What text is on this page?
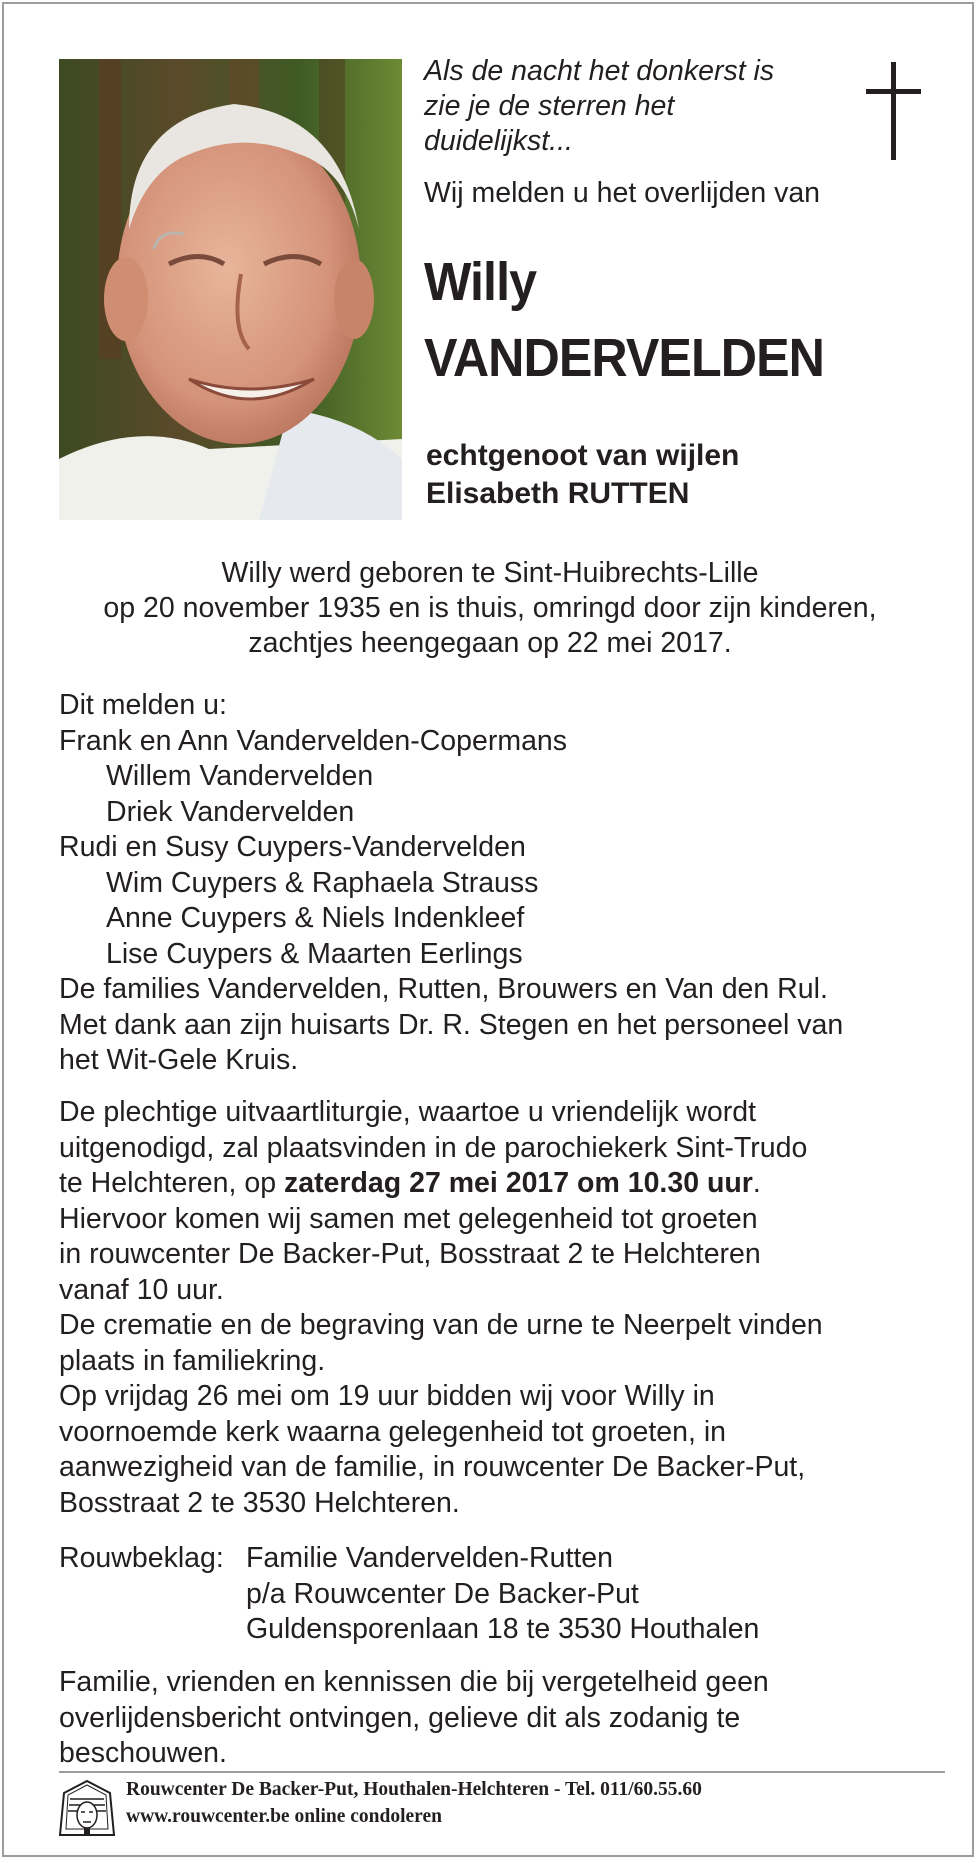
Als de nacht het donkerst is
zie je de sterren het
duidelijkst...
Wij melden u het overlijden van
Willy
VANDERVELDEN
echtgenoot van wijlen
Elisabeth RUTTEN
Willy werd geboren te Sint-Huibrechts-Lille
op 20 november 1935 en is thuis, omringd door zijn kinderen,
zachtjes heengegaan op 22 mei 2017.
Dit melden u:
Frank en Ann Vandervelden-Copermans
Willem Vandervelden
Driek Vandervelden
Rudi en Susy Cuypers-Vandervelden
Wim Cuypers & Raphaela Strauss
Anne Cuypers & Niels Indenkleef
Lise Cuypers & Maarten Eerlings
De families Vandervelden, Rutten, Brouwers en Van den Rul.
Met dank aan zijn huisarts Dr. R. Stegen en het personeel van
het Wit-Gele Kruis.
De plechtige uitvaartliturgie, waartoe u vriendelijk wordt
uitgenodigd, zal plaatsvinden in de parochiekerk Sint-Trudo
te Helchteren, op zaterdag 27 mei 2017 om 10.30 uur.
Hiervoor komen wij samen met gelegenheid tot groeten
in rouwcenter De Backer-Put, Bosstraat 2 te Helchteren
vanaf 10 uur.
De crematie en de begraving van de urne te Neerpelt vinden
plaats in familiekring.
Op vrijdag 26 mei om 19 uur bidden wij voor Willy in
voornoemde kerk waarna gelegenheid tot groeten, in
aanwezigheid van de familie, in rouwcenter De Backer-Put,
Bosstraat 2 te 3530 Helchteren.
Rouwbeklag: Familie Vandervelden-Rutten
p/a Rouwcenter De Backer-Put
Guldensporenlaan 18 te 3530 Houthalen
Familie, vrienden en kennissen die bij vergetelheid geen
overlijdensbericht ontvingen, gelieve dit als zodanig te
beschouwen.
Rouwcenter De Backer-Put, Houthalen-Helchteren - Tel. 011/60.55.60
www.rouwcenter.be online condoleren
